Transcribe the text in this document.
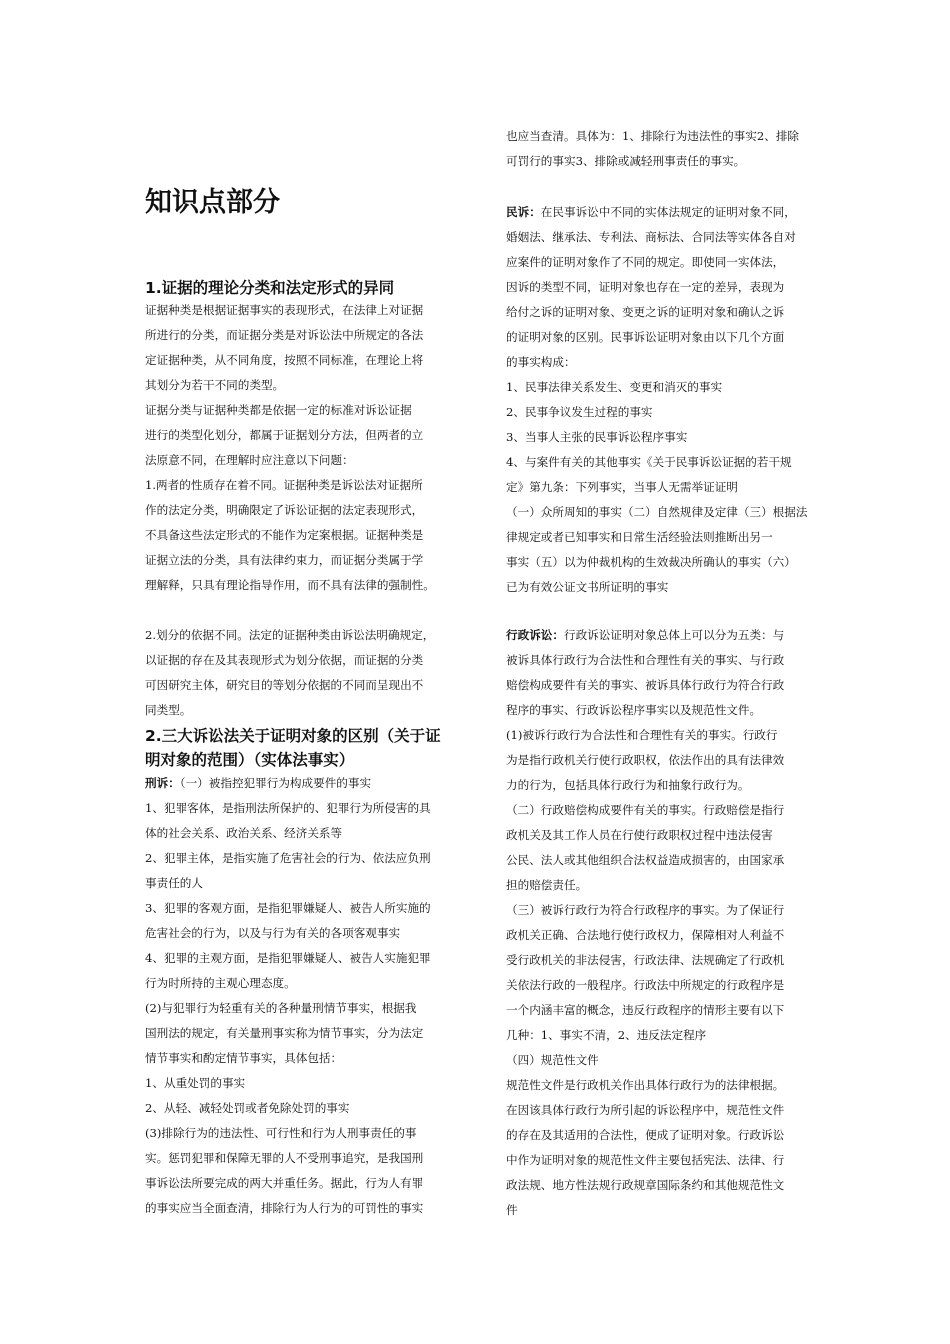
知识点部分
1.证据的理论分类和法定形式的异同
证据种类是根据证据事实的表现形式，在法律上对证据
所进行的分类，而证据分类是对诉讼法中所规定的各法
定证据种类，从不同角度，按照不同标准，在理论上将
其划分为若干不同的类型。
证据分类与证据种类都是依据一定的标准对诉讼证据
进行的类型化划分，都属于证据划分方法，但两者的立
法原意不同，在理解时应注意以下问题：
1.两者的性质存在着不同。证据种类是诉讼法对证据所
作的法定分类，明确限定了诉讼证据的法定表现形式，
不具备这些法定形式的不能作为定案根据。证据种类是
证据立法的分类，具有法律约束力，而证据分类属于学
理解释，只具有理论指导作用，而不具有法律的强制性。
2.划分的依据不同。法定的证据种类由诉讼法明确规定，
以证据的存在及其表现形式为划分依据，而证据的分类
可因研究主体，研究目的等划分依据的不同而呈现出不
同类型。
2.三大诉讼法关于证明对象的区别（关于证
明对象的范围）（实体法事实）
刑诉：（一）被指控犯罪行为构成要件的事实
1、犯罪客体，是指刑法所保护的、犯罪行为所侵害的具
体的社会关系、政治关系、经济关系等
2、犯罪主体，是指实施了危害社会的行为、依法应负刑
事责任的人
3、犯罪的客观方面，是指犯罪嫌疑人、被告人所实施的
危害社会的行为，以及与行为有关的各项客观事实
4、犯罪的主观方面，是指犯罪嫌疑人、被告人实施犯罪
行为时所持的主观心理态度。
(2)与犯罪行为轻重有关的各种量刑情节事实，根据我
国刑法的规定，有关量刑事实称为情节事实，分为法定
情节事实和酌定情节事实，具体包括：
1、从重处罚的事实
2、从轻、减轻处罚或者免除处罚的事实
(3)排除行为的违法性、可行性和行为人刑事责任的事
实。惩罚犯罪和保障无罪的人不受刑事追究，是我国刑
事诉讼法所要完成的两大并重任务。据此，行为人有罪
的事实应当全面查清，排除行为人行为的可罚性的事实
也应当查清。具体为：1、排除行为违法性的事实2、排除
可罚行的事实3、排除或减轻刑事责任的事实。
民诉：在民事诉讼中不同的实体法规定的证明对象不同，
婚姻法、继承法、专利法、商标法、合同法等实体各自对
应案件的证明对象作了不同的规定。即使同一实体法，
因诉的类型不同，证明对象也存在一定的差异，表现为
给付之诉的证明对象、变更之诉的证明对象和确认之诉
的证明对象的区别。民事诉讼证明对象由以下几个方面
的事实构成：
1、民事法律关系发生、变更和消灭的事实
2、民事争议发生过程的事实
3、当事人主张的民事诉讼程序事实
4、与案件有关的其他事实《关于民事诉讼证据的若干规
定》第九条：下列事实，当事人无需举证证明
（一）众所周知的事实（二）自然规律及定律（三）根据法
律规定或者已知事实和日常生活经验法则推断出另一
事实（五）以为仲裁机构的生效裁决所确认的事实（六）
已为有效公证文书所证明的事实
行政诉讼：行政诉讼证明对象总体上可以分为五类：与
被诉具体行政行为合法性和合理性有关的事实、与行政
赔偿构成要件有关的事实、被诉具体行政行为符合行政
程序的事实、行政诉讼程序事实以及规范性文件。
(1)被诉行政行为合法性和合理性有关的事实。行政行
为是指行政机关行使行政职权，依法作出的具有法律效
力的行为，包括具体行政行为和抽象行政行为。
（二）行政赔偿构成要件有关的事实。行政赔偿是指行
政机关及其工作人员在行使行政职权过程中违法侵害
公民、法人或其他组织合法权益造成损害的，由国家承
担的赔偿责任。
（三）被诉行政行为符合行政程序的事实。为了保证行
政机关正确、合法地行使行政权力，保障相对人利益不
受行政机关的非法侵害，行政法律、法规确定了行政机
关依法行政的一般程序。行政法中所规定的行政程序是
一个内涵丰富的概念，违反行政程序的情形主要有以下
几种：1、事实不清，2、违反法定程序
（四）规范性文件
规范性文件是行政机关作出具体行政行为的法律根据。
在因该具体行政行为所引起的诉讼程序中，规范性文件
的存在及其适用的合法性，便成了证明对象。行政诉讼
中作为证明对象的规范性文件主要包括宪法、法律、行
政法规、地方性法规行政规章国际条约和其他规范性文
件
